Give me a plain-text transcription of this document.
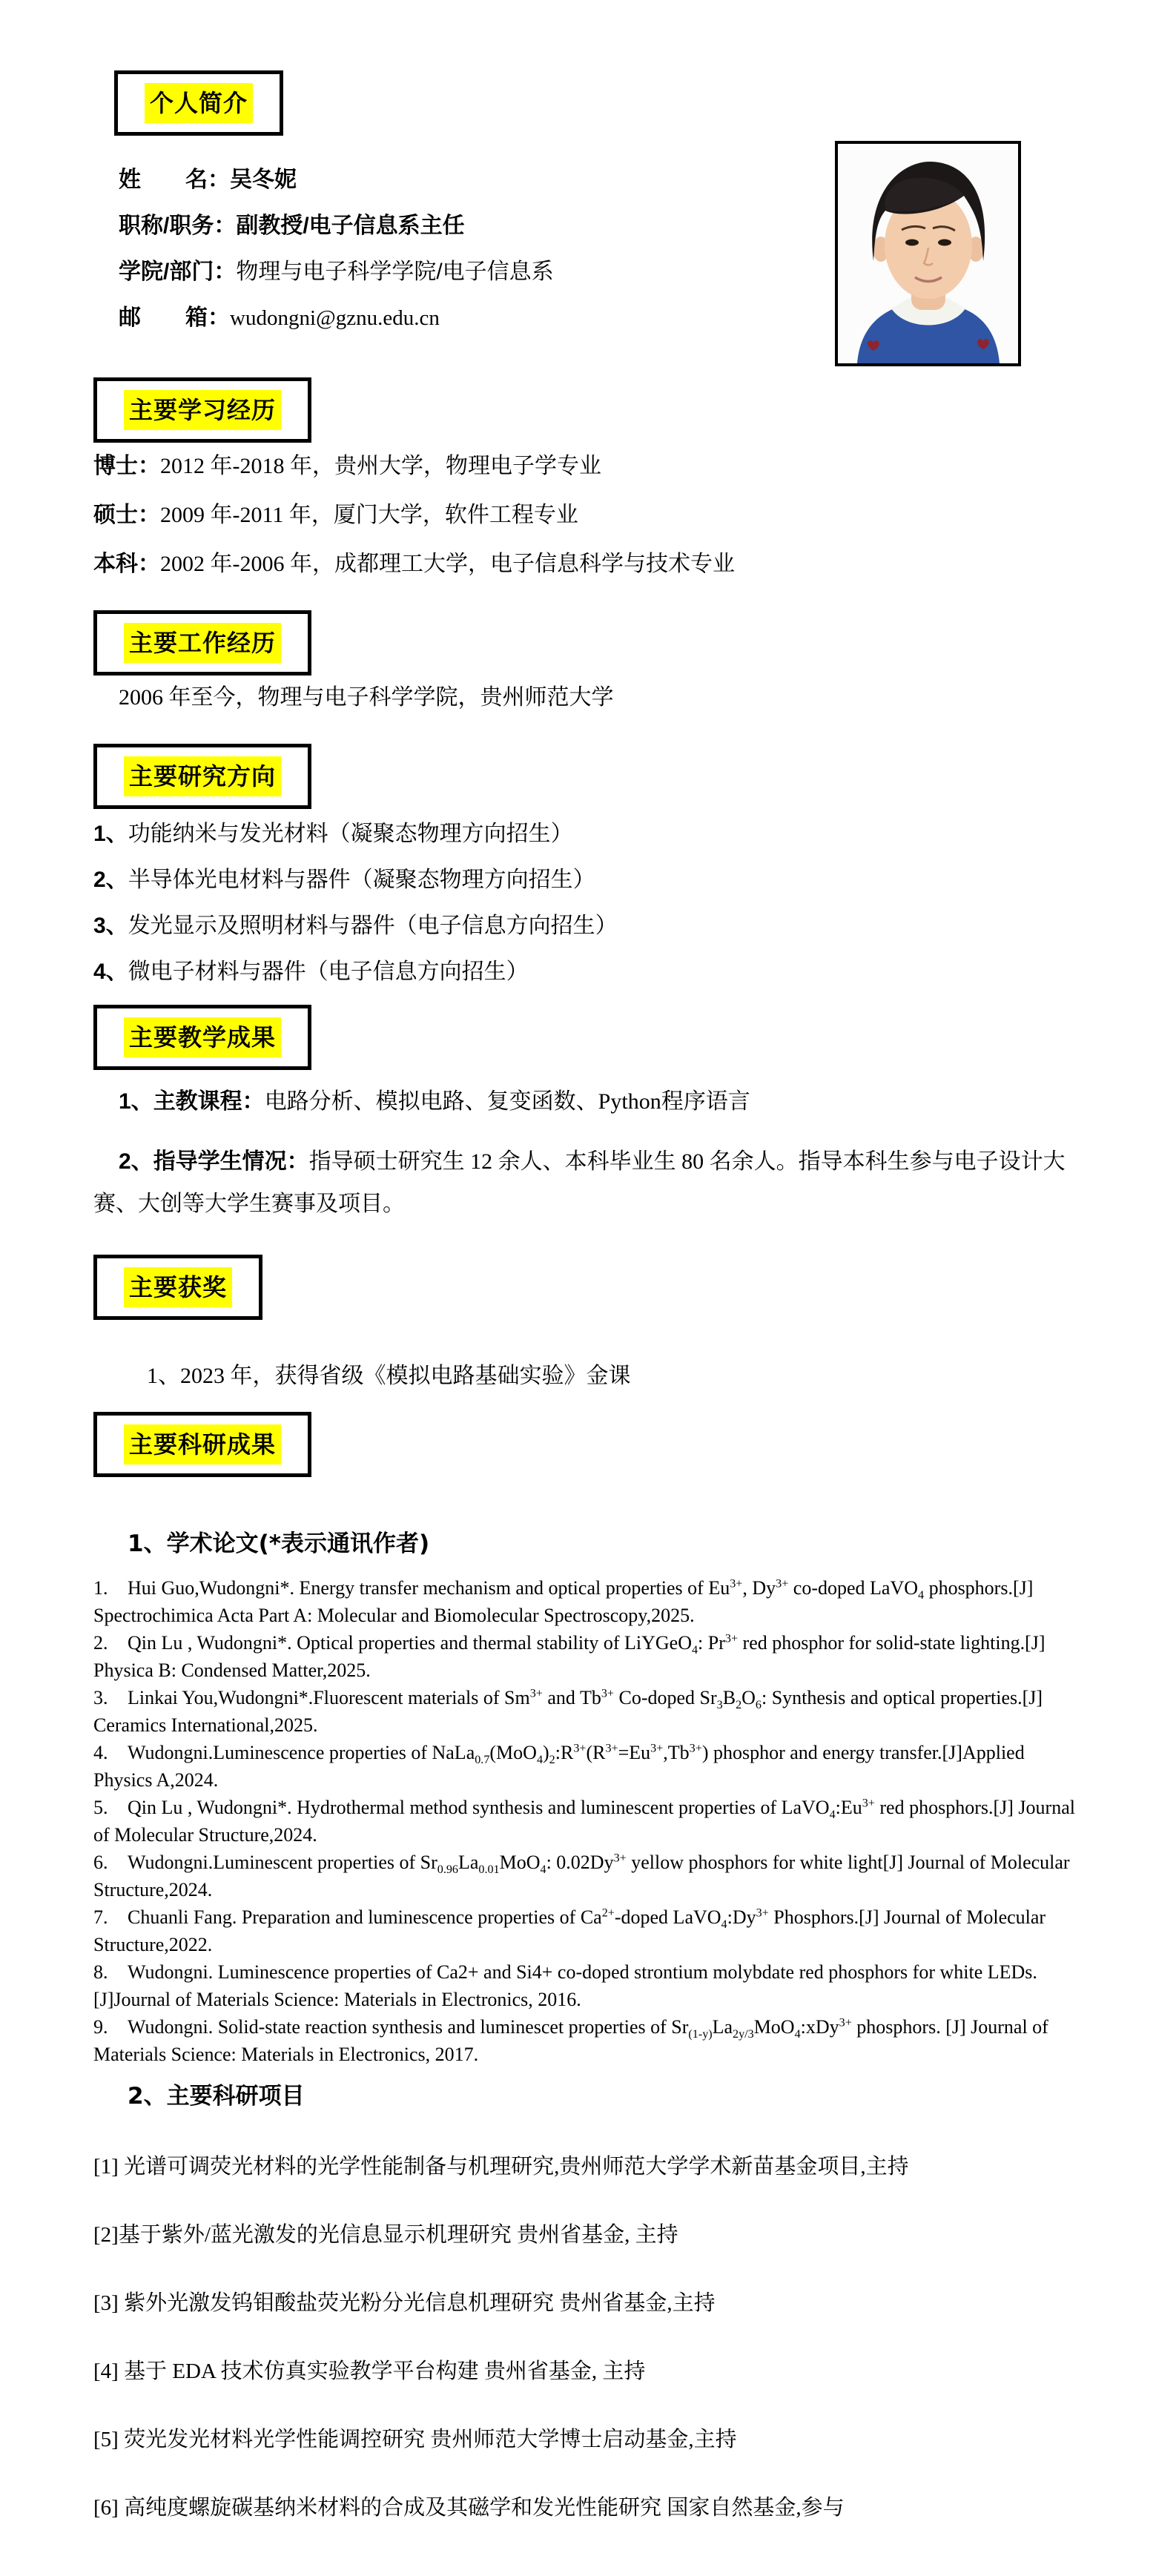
个人简介
姓　　名：吴冬妮
职称/职务：副教授/电子信息系主任
学院/部门：物理与电子科学学院/电子信息系
邮　　箱：wudongni@gznu.edu.cn
主要学习经历
博士：2012 年-2018 年，贵州大学，物理电子学专业
硕士：2009 年-2011 年，厦门大学，软件工程专业
本科：2002 年-2006 年，成都理工大学，电子信息科学与技术专业
主要工作经历
2006 年至今，物理与电子科学学院，贵州师范大学
主要研究方向
1、功能纳米与发光材料（凝聚态物理方向招生）
2、半导体光电材料与器件（凝聚态物理方向招生）
3、发光显示及照明材料与器件（电子信息方向招生）
4、微电子材料与器件（电子信息方向招生）
主要教学成果

1、主教课程：电路分析、模拟电路、复变函数、Python程序语言

2、指导学生情况：指导硕士研究生 12 余人、本科毕业生 80 名余人。指导本科生参与电子设计大赛、大创等大学生赛事及项目。

主要获奖
1、2023 年，获得省级《模拟电路基础实验》金课
主要科研成果
1、学术论文(*表示通讯作者)
1. Hui Guo,Wudongni*. Energy transfer mechanism and optical properties of $Eu^{3+}$, $Dy^{3+}$ co-doped LaVO$_4$ phosphors.[J] Spectrochimica Acta Part A: Molecular and Biomolecular Spectroscopy,2025.
2. Qin Lu , Wudongni*. Optical properties and thermal stability of LiYGeO$_4$: $Pr^{3+}$ red phosphor for solid-state lighting.[J] Physica B: Condensed Matter,2025.
3. Linkai You,Wudongni*.Fluorescent materials of $Sm^{3+}$ and $Tb^{3+}$ Co-doped $Sr_3B_2O_6$: Synthesis and optical properties.[J] Ceramics International,2025.
4. Wudongni.Luminescence properties of $NaLa_{0.7}(MoO_4)_2:R^{3+}(R^{3+}=Eu^{3+},Tb^{3+})$ phosphor and energy transfer.[J]Applied Physics A,2024.
5. Qin Lu , Wudongni*. Hydrothermal method synthesis and luminescent properties of $LaVO_4:Eu^{3+}$ red phosphors.[J] Journal of Molecular Structure,2024.
6. Wudongni.Luminescent properties of $Sr_{0.96}La_{0.01}MoO_4$: $0.02Dy^{3+}$ yellow phosphors for white light[J] Journal of Molecular Structure,2024.
7. Chuanli Fang. Preparation and luminescence properties of $Ca^{2+}$-doped $LaVO_4:Dy^{3+}$ Phosphors.[J] Journal of Molecular Structure,2022.
8. Wudongni. Luminescence properties of Ca2+ and Si4+ co-doped strontium molybdate red phosphors for white LEDs. [J]Journal of Materials Science: Materials in Electronics, 2016.
9. Wudongni. Solid-state reaction synthesis and luminescet properties of $Sr_{(1-y)}La_{2y/3}MoO_4:xDy^{3+}$ phosphors. [J] Journal of Materials Science: Materials in Electronics, 2017.
2、主要科研项目
[1] 光谱可调荧光材料的光学性能制备与机理研究,贵州师范大学学术新苗基金项目,主持
[2]基于紫外/蓝光激发的光信息显示机理研究 贵州省基金, 主持
[3] 紫外光激发钨钼酸盐荧光粉分光信息机理研究 贵州省基金,主持
[4] 基于 EDA 技术仿真实验教学平台构建 贵州省基金, 主持
[5] 荧光发光材料光学性能调控研究 贵州师范大学博士启动基金,主持
[6] 高纯度螺旋碳基纳米材料的合成及其磁学和发光性能研究 国家自然基金,参与
